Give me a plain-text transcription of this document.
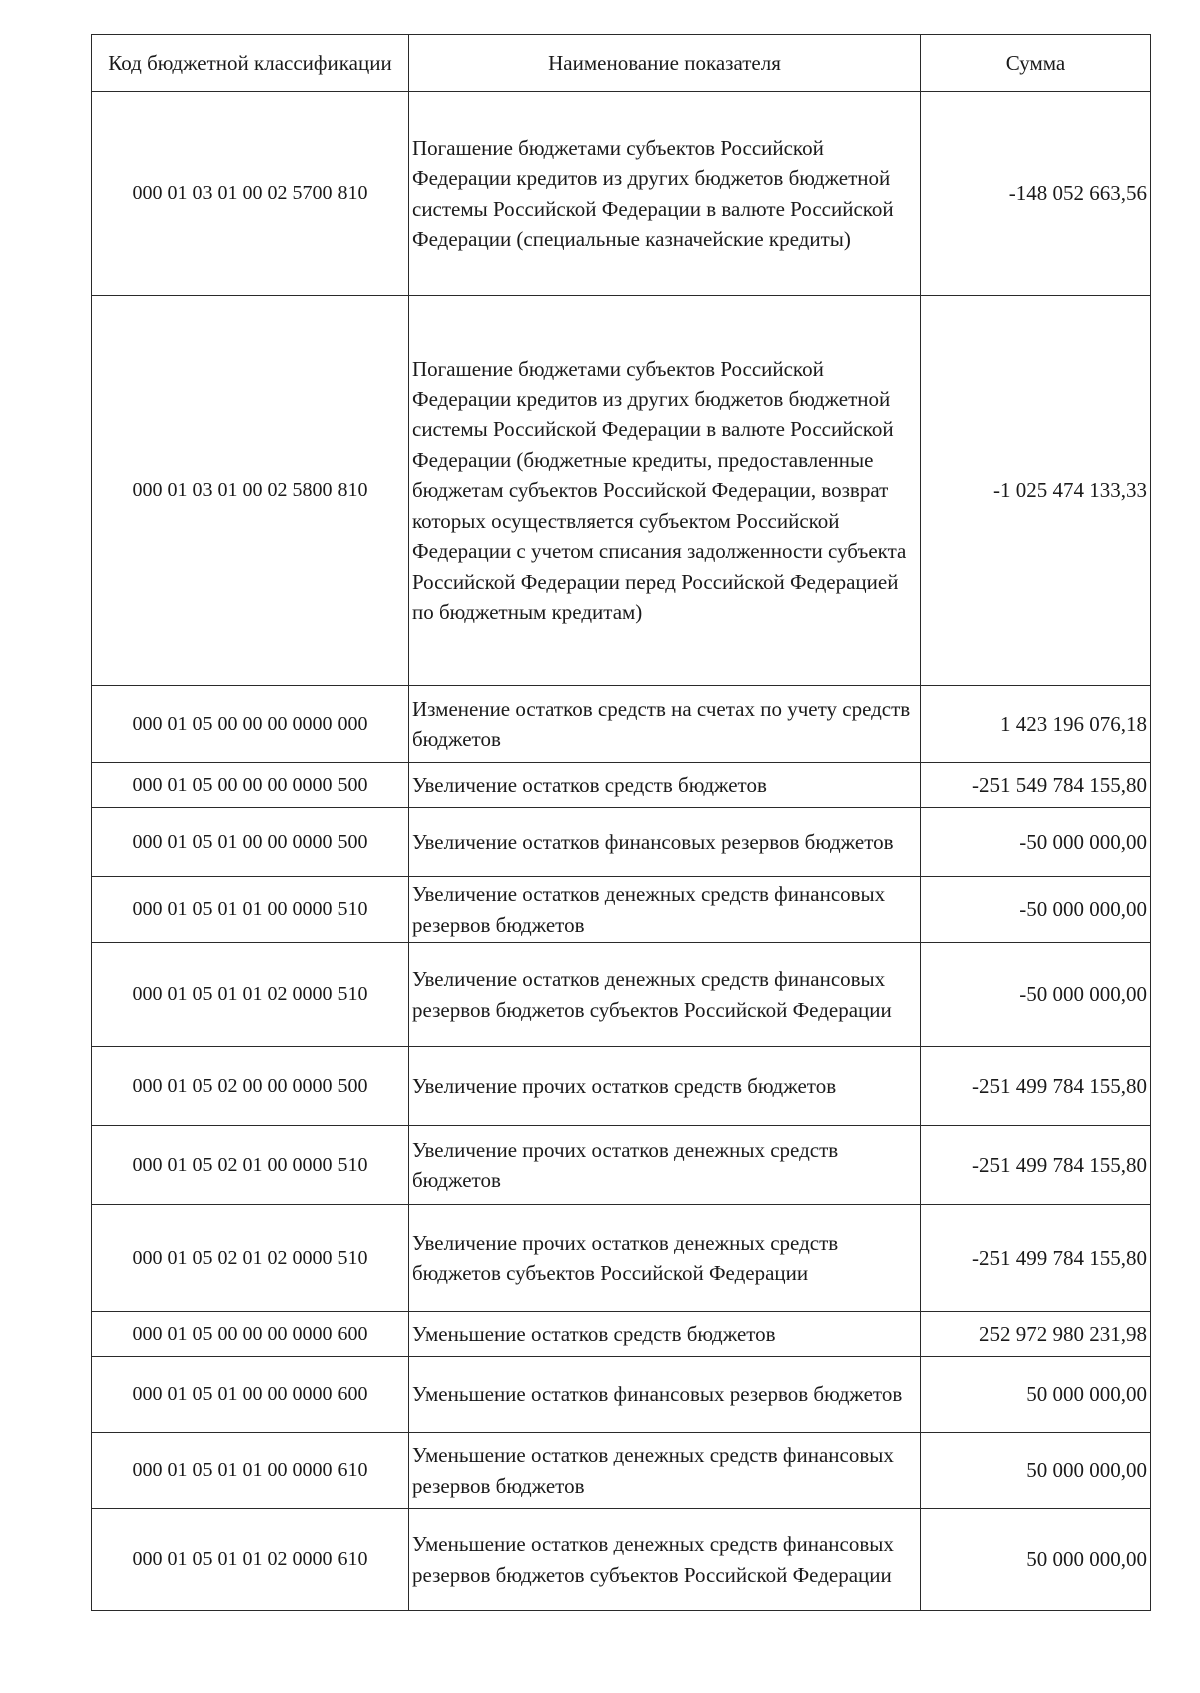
Код бюджетной классификации	Наименование показателя	Сумма
000 01 03 01 00 02 5700 810	Погашение бюджетами субъектов Российской Федерации кредитов из других бюджетов бюджетной системы Российской Федерации в валюте Российской Федерации (специальные казначейские кредиты)	-148 052 663,56
000 01 03 01 00 02 5800 810	Погашение бюджетами субъектов Российской Федерации кредитов из других бюджетов бюджетной системы Российской Федерации в валюте Российской Федерации (бюджетные кредиты, предоставленные бюджетам субъектов Российской Федерации, возврат которых осуществляется субъектом Российской Федерации с учетом списания задолженности субъекта Российской Федерации перед Российской Федерацией по бюджетным кредитам)	-1 025 474 133,33
000 01 05 00 00 00 0000 000	Изменение остатков средств на счетах по учету средств бюджетов	1 423 196 076,18
000 01 05 00 00 00 0000 500	Увеличение остатков средств бюджетов	-251 549 784 155,80
000 01 05 01 00 00 0000 500	Увеличение остатков финансовых резервов бюджетов	-50 000 000,00
000 01 05 01 01 00 0000 510	Увеличение остатков денежных средств финансовых резервов бюджетов	-50 000 000,00
000 01 05 01 01 02 0000 510	Увеличение остатков денежных средств финансовых резервов бюджетов субъектов Российской Федерации	-50 000 000,00
000 01 05 02 00 00 0000 500	Увеличение прочих остатков средств бюджетов	-251 499 784 155,80
000 01 05 02 01 00 0000 510	Увеличение прочих остатков денежных средств бюджетов	-251 499 784 155,80
000 01 05 02 01 02 0000 510	Увеличение прочих остатков денежных средств бюджетов субъектов Российской Федерации	-251 499 784 155,80
000 01 05 00 00 00 0000 600	Уменьшение остатков средств бюджетов	252 972 980 231,98
000 01 05 01 00 00 0000 600	Уменьшение остатков финансовых резервов бюджетов	50 000 000,00
000 01 05 01 01 00 0000 610	Уменьшение остатков денежных средств финансовых резервов бюджетов	50 000 000,00
000 01 05 01 01 02 0000 610	Уменьшение остатков денежных средств финансовых резервов бюджетов субъектов Российской Федерации	50 000 000,00
